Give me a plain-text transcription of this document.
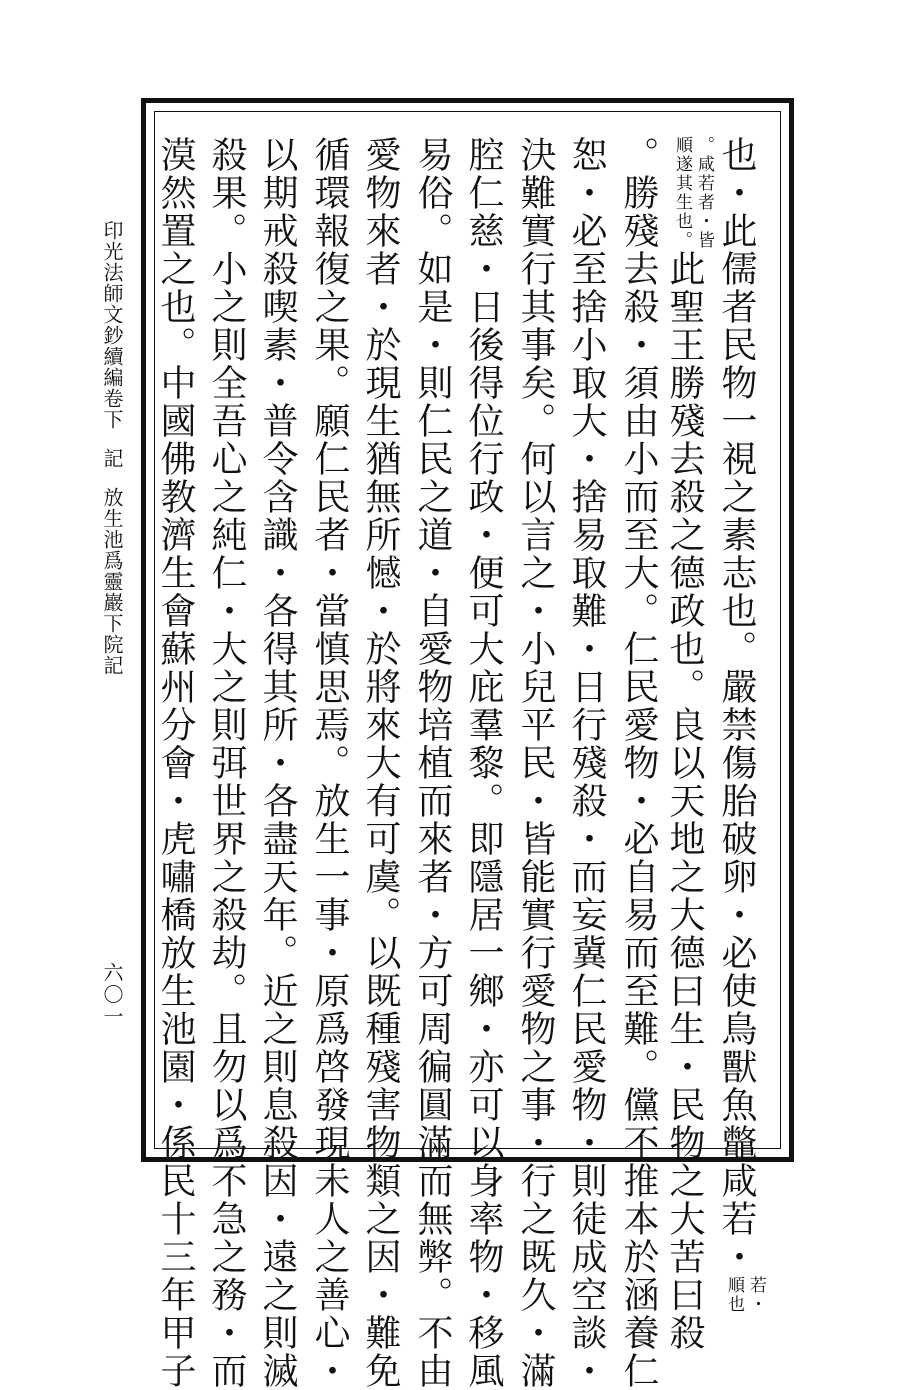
印光法師文鈔續編卷下記放生池爲靈巖下院記
六〇一	也・此儒者民物一視之素志也。嚴禁傷胎破卵・必使鳥獸魚鼈咸若・若・
順也
。咸若者・皆
順遂其生也。此聖王勝殘去殺之德政也。良以天地之大德曰生・民物之大苦曰殺
。勝殘去殺・須由小而至大。仁民愛物・必自易而至難。儻不推本於涵養仁
恕・必至捨小取大・捨易取難・日行殘殺・而妄冀仁民愛物・則徒成空談・
決難實行其事矣。何以言之・小兒平民・皆能實行愛物之事・行之既久・滿
腔仁慈・日後得位行政・便可大庇羣黎。即隱居一鄉・亦可以身率物・移風
易俗。如是・則仁民之道・自愛物培植而來者・方可周徧圓滿而無弊。不由
愛物來者・於現生猶無所憾・於將來大有可虞。以既種殘害物類之因・難免
循環報復之果。願仁民者・當慎思焉。放生一事・原爲啓發現未人之善心・
以期戒殺喫素・普令含識・各得其所・各盡天年。近之則息殺因・遠之則滅
殺果。小之則全吾心之純仁・大之則弭世界之殺劫。且勿以爲不急之務・而
漠然置之也。中國佛教濟生會蘇州分會・虎嘯橋放生池園・係民十三年甲子
